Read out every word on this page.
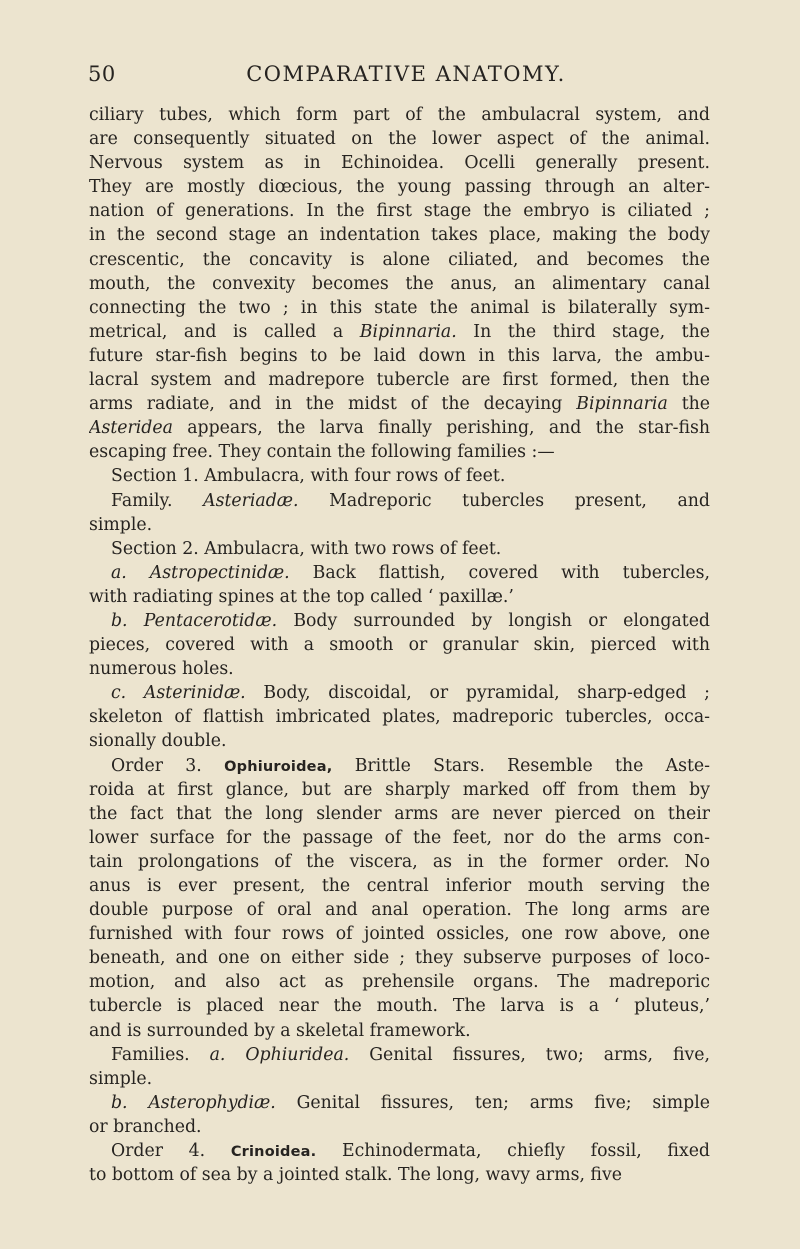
50	COMPARATIVE ANATOMY.
ciliary tubes, which form part of the ambulacral system, and
are consequently situated on the lower aspect of the animal.
Nervous system as in Echinoidea. Ocelli generally present.
They are mostly diœcious, the young passing through an alter-
nation of generations. In the first stage the embryo is ciliated ;
in the second stage an indentation takes place, making the body
crescentic, the concavity is alone ciliated, and becomes the
mouth, the convexity becomes the anus, an alimentary canal
connecting the two ; in this state the animal is bilaterally sym-
metrical, and is called a Bipinnaria. In the third stage, the
future star-fish begins to be laid down in this larva, the ambu-
lacral system and madrepore tubercle are first formed, then the
arms radiate, and in the midst of the decaying Bipinnaria the
Asteridea appears, the larva finally perishing, and the star-fish
escaping free. They contain the following families :—
Section 1. Ambulacra, with four rows of feet.
Family. Asteriadæ. Madreporic tubercles present, and
simple.
Section 2. Ambulacra, with two rows of feet.
a. Astropectinidæ. Back flattish, covered with tubercles,
with radiating spines at the top called ‘ paxillæ.’
b. Pentacerotidæ. Body surrounded by longish or elongated
pieces, covered with a smooth or granular skin, pierced with
numerous holes.
c. Asterinidæ. Body, discoidal, or pyramidal, sharp-edged ;
skeleton of flattish imbricated plates, madreporic tubercles, occa-
sionally double.
Order 3. Ophiuroidea, Brittle Stars. Resemble the Aste-
roida at first glance, but are sharply marked off from them by
the fact that the long slender arms are never pierced on their
lower surface for the passage of the feet, nor do the arms con-
tain prolongations of the viscera, as in the former order. No
anus is ever present, the central inferior mouth serving the
double purpose of oral and anal operation. The long arms are
furnished with four rows of jointed ossicles, one row above, one
beneath, and one on either side ; they subserve purposes of loco-
motion, and also act as prehensile organs. The madreporic
tubercle is placed near the mouth. The larva is a ‘ pluteus,’
and is surrounded by a skeletal framework.
Families. a. Ophiuridea. Genital fissures, two; arms, five,
simple.
b. Asterophydiæ. Genital fissures, ten; arms five; simple
or branched.
Order 4. Crinoidea. Echinodermata, chiefly fossil, fixed
to bottom of sea by a jointed stalk. The long, wavy arms, five
